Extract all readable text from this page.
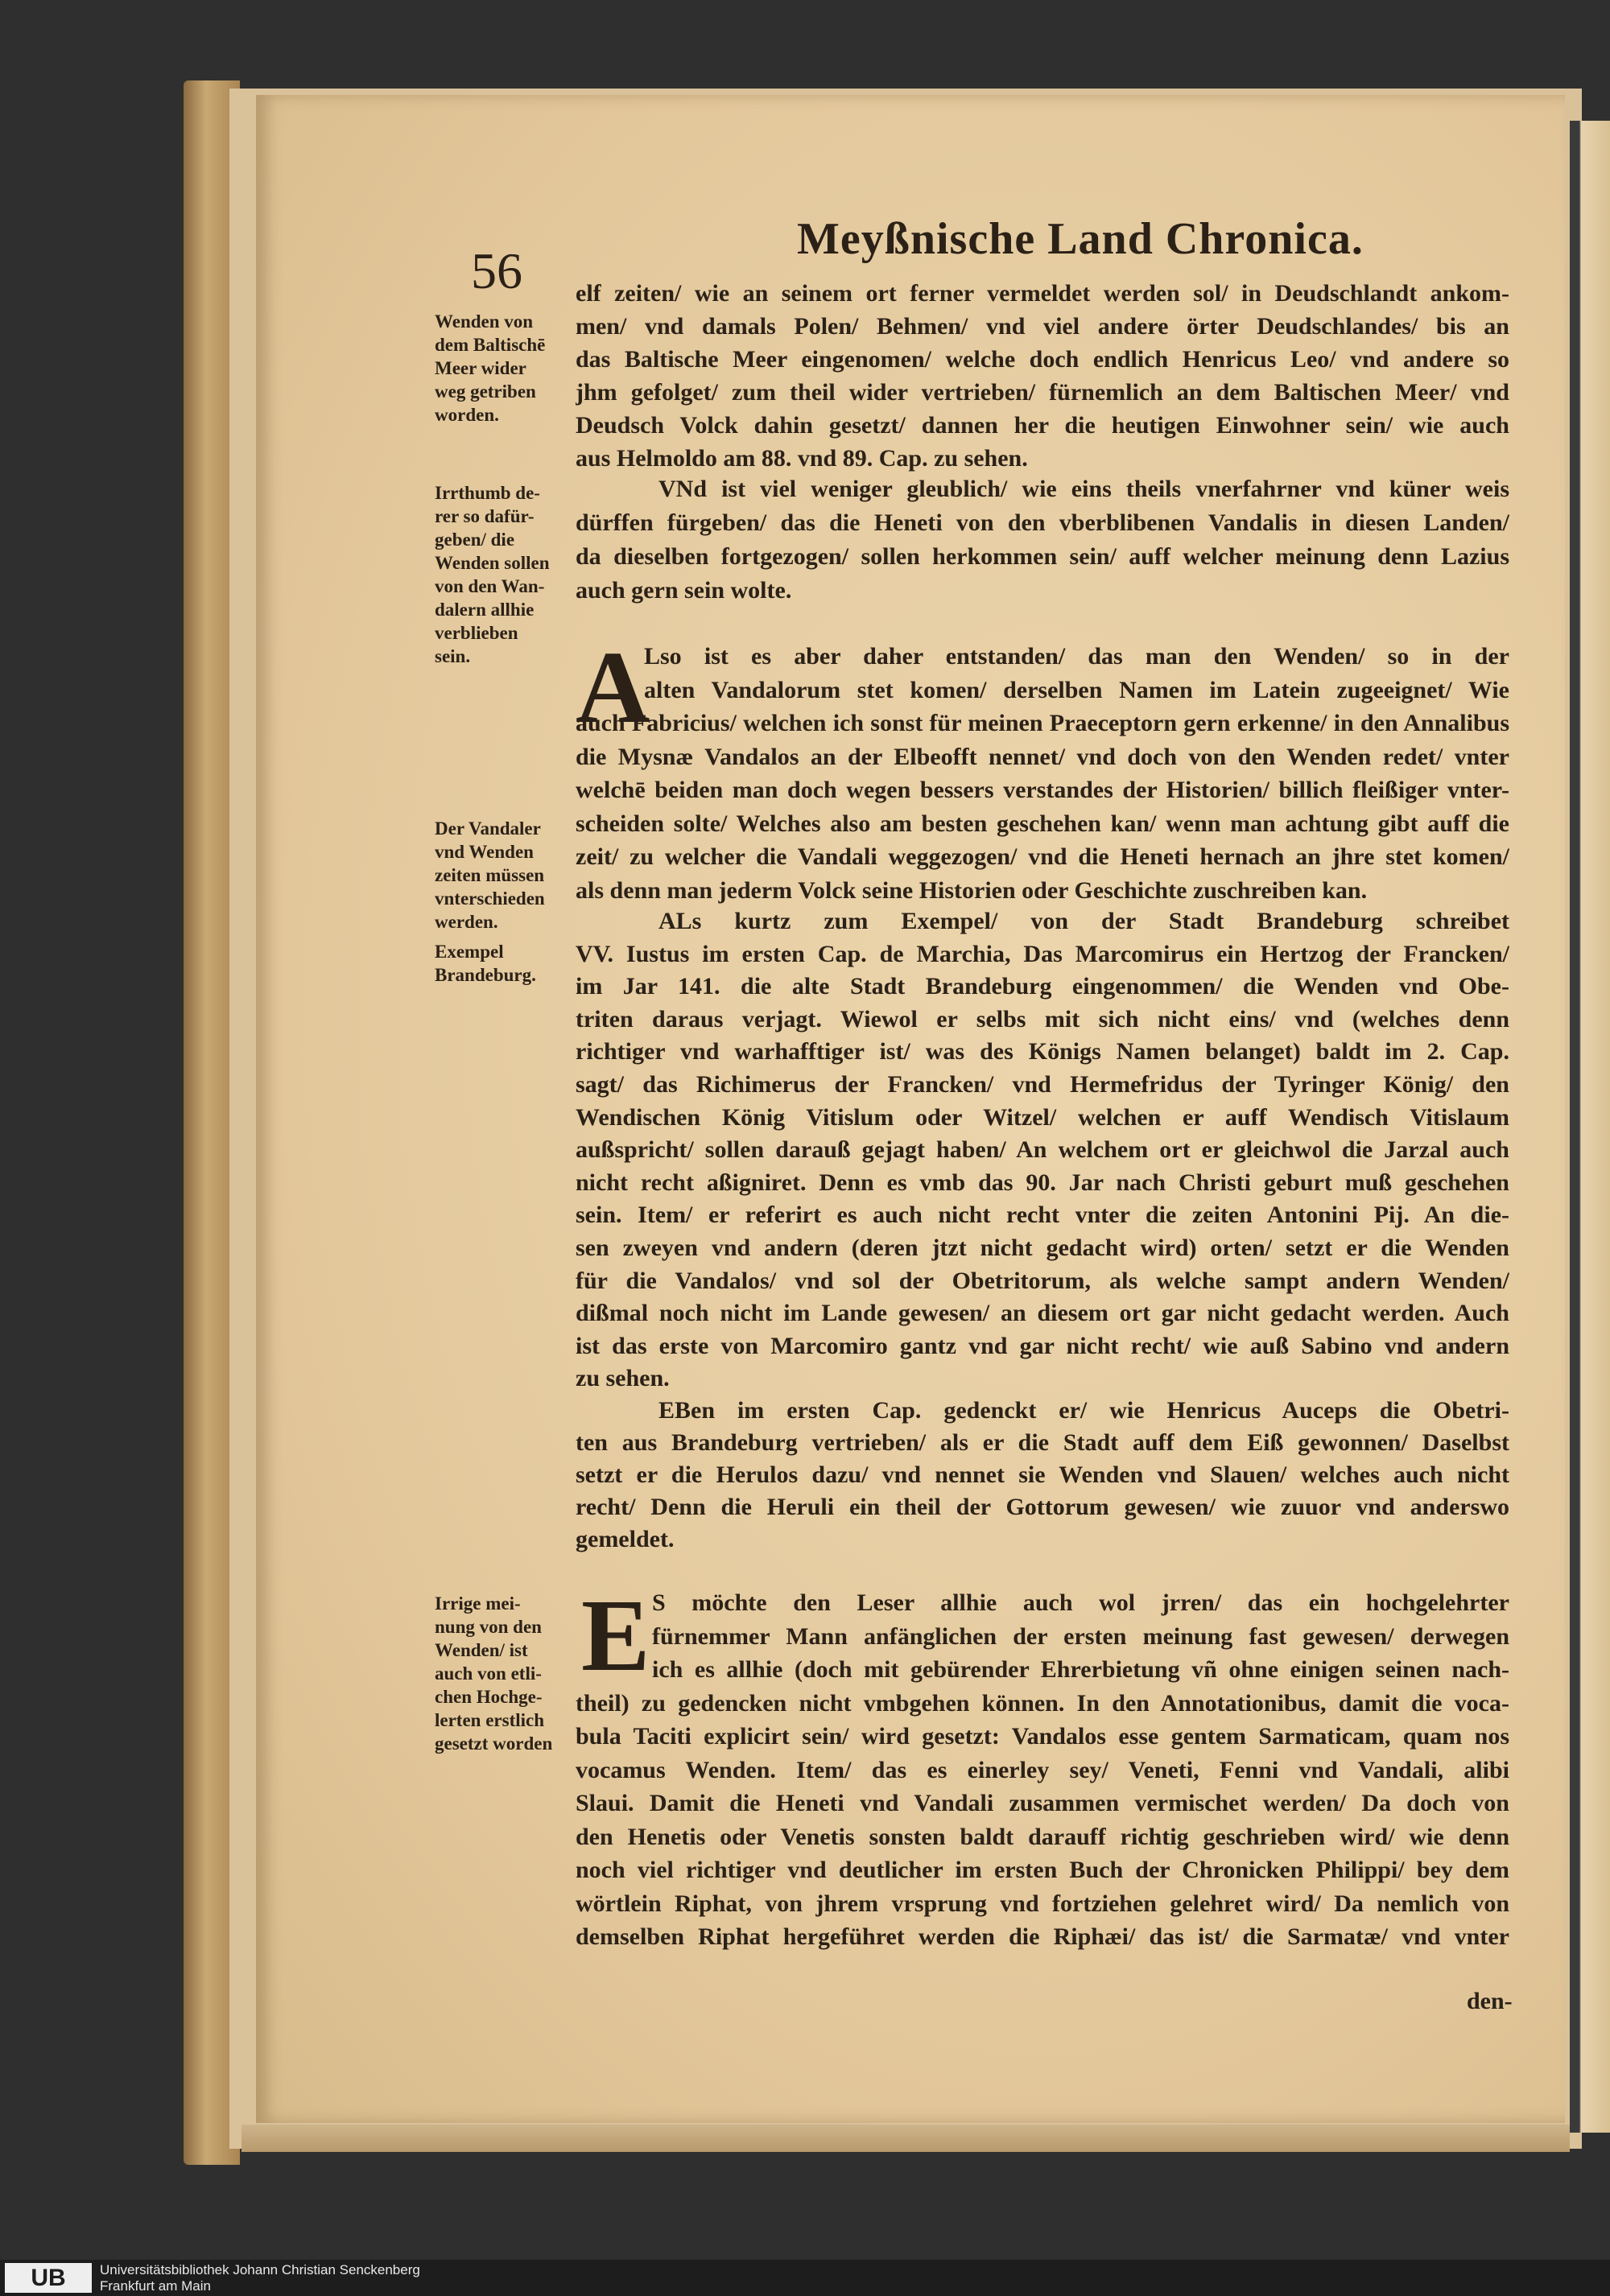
Meyßnische Land Chronica.
56 elf zeiten/ wie an seinem ort ferner vermeldet werden sol/ in Deudschlandt ankom-
men/ vnd damals Polen/ Behmen/ vnd viel andere örter Deudschlandes/ bis an
das Baltische Meer eingenomen/ welche doch endlich Henricus Leo/ vnd andere so
jhm gefolget/ zum theil wider vertrieben/ fürnemlich an dem Baltischen Meer/ vnd
Deudsch Volck dahin gesetzt/ dannen her die heutigen Einwohner sein/ wie auch
aus Helmoldo am 88. vnd 89. Cap. zu sehen.
VNd ist viel weniger gleublich/ wie eins theils vnerfahrner vnd küner weis
dürffen fürgeben/ das die Heneti von den vberblibenen Vandalis in diesen Landen/
da dieselben fortgezogen/ sollen herkommen sein/ auff welcher meinung denn Lazius
auch gern sein wolte.
Lso ist es aber daher entstanden/ das man den Wenden/ so in der
alten Vandalorum stet komen/ derselben Namen im Latein zugeeignet/ Wie
auch Fabricius/ welchen ich sonst für meinen Praeceptorn gern erkenne/ in den Annalibus
die Mysnæ Vandalos an der Elbeofft nennet/ vnd doch von den Wenden redet/ vnter
welchē beiden man doch wegen bessers verstandes der Historien/ billich fleißiger vnter-
scheiden solte/ Welches also am besten geschehen kan/ wenn man achtung gibt auff die
zeit/ zu welcher die Vandali weggezogen/ vnd die Heneti hernach an jhre stet komen/
als denn man jederm Volck seine Historien oder Geschichte zuschreiben kan.
A
ALs kurtz zum Exempel/ von der Stadt Brandeburg schreibet
VV. Iustus im ersten Cap. de Marchia, Das Marcomirus ein Hertzog der Francken/
im Jar 141. die alte Stadt Brandeburg eingenommen/ die Wenden vnd Obe-
triten daraus verjagt. Wiewol er selbs mit sich nicht eins/ vnd (welches denn
richtiger vnd warhafftiger ist/ was des Königs Namen belanget) baldt im 2. Cap.
sagt/ das Richimerus der Francken/ vnd Hermefridus der Tyringer König/ den
Wendischen König Vitislum oder Witzel/ welchen er auff Wendisch Vitislaum
außspricht/ sollen darauß gejagt haben/ An welchem ort er gleichwol die Jarzal auch
nicht recht aßigniret. Denn es vmb das 90. Jar nach Christi geburt muß geschehen
sein. Item/ er referirt es auch nicht recht vnter die zeiten Antonini Pij. An die-
sen zweyen vnd andern (deren jtzt nicht gedacht wird) orten/ setzt er die Wenden
für die Vandalos/ vnd sol der Obetritorum, als welche sampt andern Wenden/
dißmal noch nicht im Lande gewesen/ an diesem ort gar nicht gedacht werden. Auch
ist das erste von Marcomiro gantz vnd gar nicht recht/ wie auß Sabino vnd andern
zu sehen.
EBen im ersten Cap. gedenckt er/ wie Henricus Auceps die Obetri-
ten aus Brandeburg vertrieben/ als er die Stadt auff dem Eiß gewonnen/ Daselbst
setzt er die Herulos dazu/ vnd nennet sie Wenden vnd Slauen/ welches auch nicht
recht/ Denn die Heruli ein theil der Gottorum gewesen/ wie zuuor vnd anderswo
gemeldet.
S möchte den Leser allhie auch wol jrren/ das ein hochgelehrter
fürnemmer Mann anfänglichen der ersten meinung fast gewesen/ derwegen
ich es allhie (doch mit gebürender Ehrerbietung vñ ohne einigen seinen nach-
theil) zu gedencken nicht vmbgehen können. In den Annotationibus, damit die voca-
bula Taciti explicirt sein/ wird gesetzt: Vandalos esse gentem Sarmaticam, quam nos
vocamus Wenden. Item/ das es einerley sey/ Veneti, Fenni vnd Vandali, alibi
Slaui. Damit die Heneti vnd Vandali zusammen vermischet werden/ Da doch von
den Henetis oder Venetis sonsten baldt darauff richtig geschrieben wird/ wie denn
noch viel richtiger vnd deutlicher im ersten Buch der Chronicken Philippi/ bey dem
wörtlein Riphat, von jhrem vrsprung vnd fortziehen gelehret wird/ Da nemlich von
demselben Riphat hergeführet werden die Riphæi/ das ist/ die Sarmatæ/ vnd vnter
E
Wenden von
dem Baltischē
Meer wider
weg getriben
worden.
Irrthumb de-
rer so dafür-
geben/ die
Wenden sollen
von den Wan-
dalern allhie
verblieben
sein.
Der Vandaler
vnd Wenden
zeiten müssen
vnterschieden
werden.
Exempel
Brandeburg.
Irrige mei-
nung von den
Wenden/ ist
auch von etli-
chen Hochge-
lerten erstlich
gesetzt worden
den-
UB	Universitätsbibliothek Johann Christian Senckenberg
Frankfurt am Main
